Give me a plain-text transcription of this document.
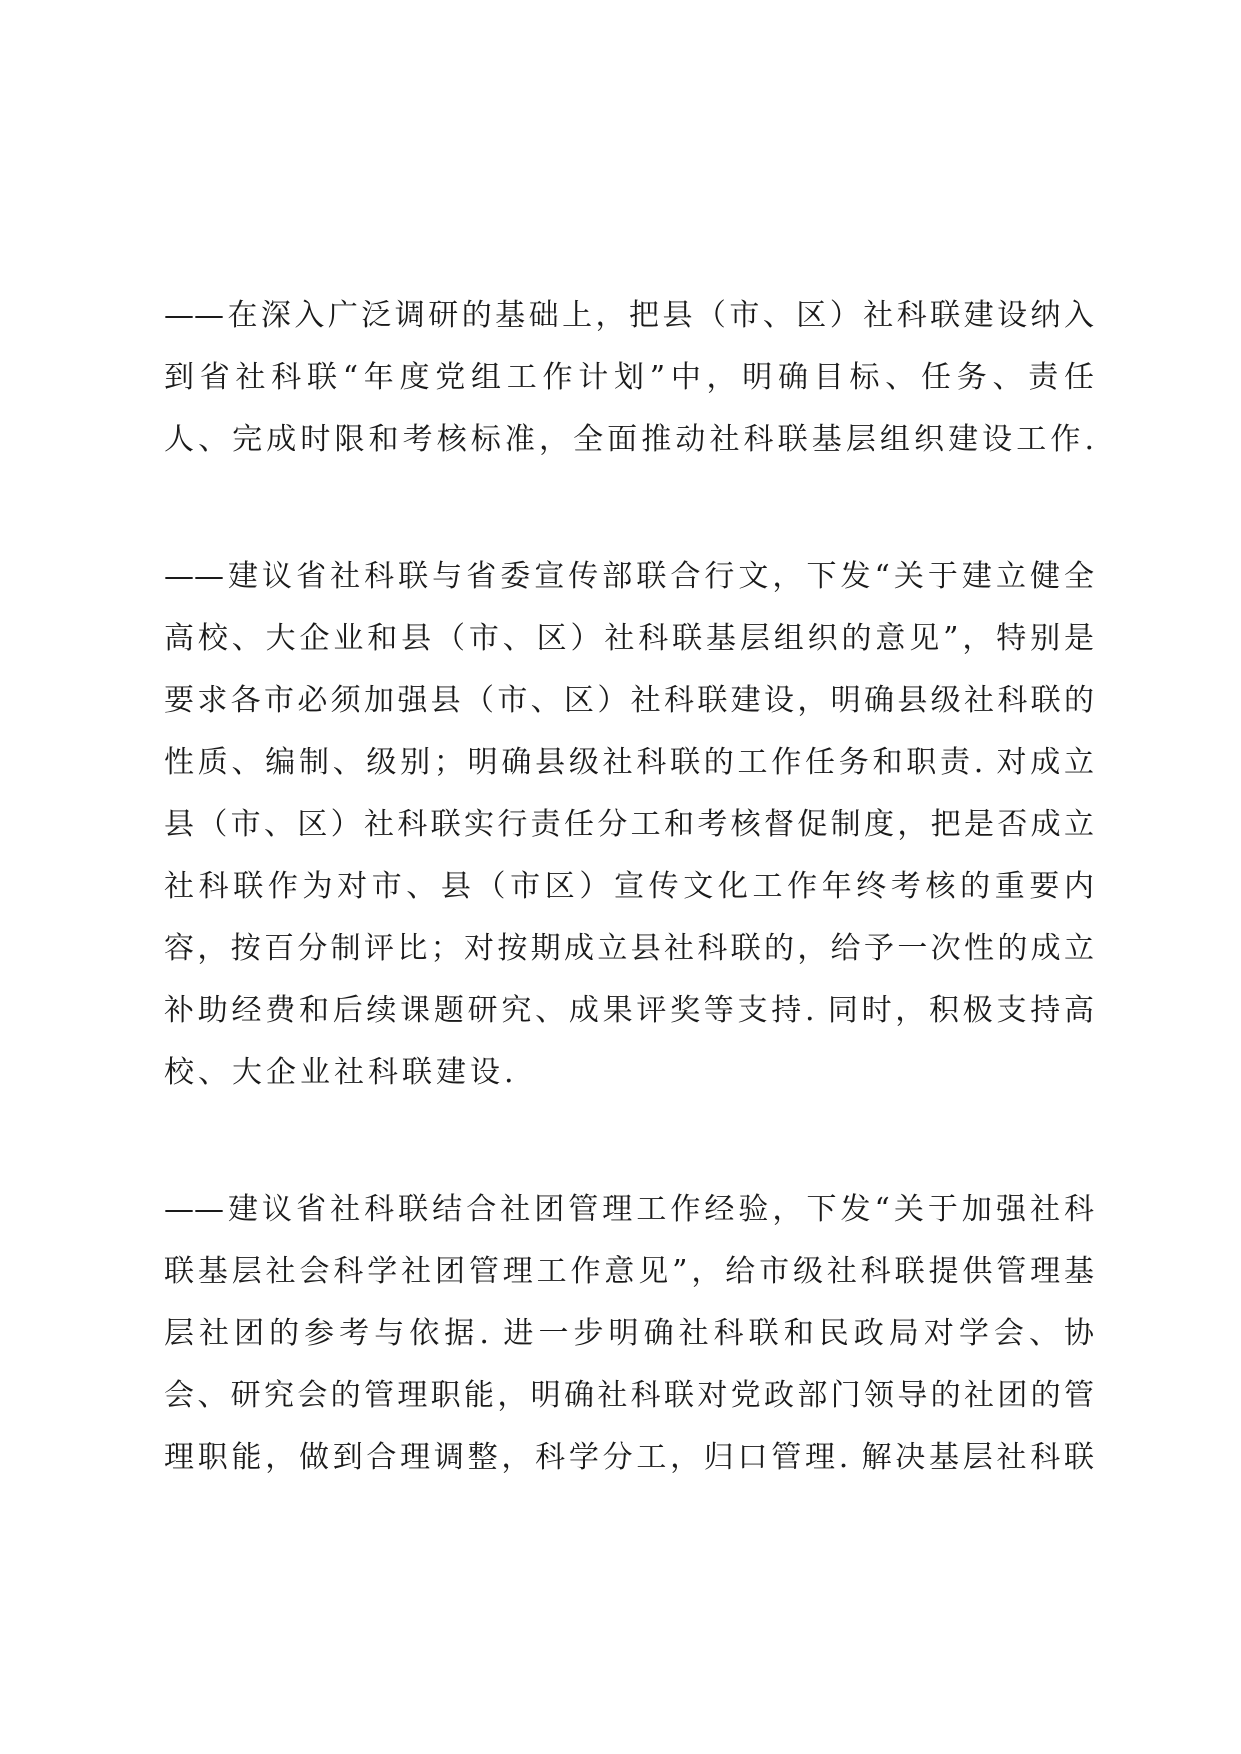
——在深入广泛调研的基础上，把县（市、区）社科联建设纳入
到省社科联“年度党组工作计划”中，明确目标、任务、责任
人、完成时限和考核标准，全面推动社科联基层组织建设工作.
——建议省社科联与省委宣传部联合行文，下发“关于建立健全
高校、大企业和县（市、区）社科联基层组织的意见”，特别是
要求各市必须加强县（市、区）社科联建设，明确县级社科联的
性质、编制、级别；明确县级社科联的工作任务和职责. 对成立
县（市、区）社科联实行责任分工和考核督促制度，把是否成立
社科联作为对市、县（市区）宣传文化工作年终考核的重要内
容，按百分制评比；对按期成立县社科联的，给予一次性的成立
补助经费和后续课题研究、成果评奖等支持. 同时，积极支持高
校、大企业社科联建设.
——建议省社科联结合社团管理工作经验，下发“关于加强社科
联基层社会科学社团管理工作意见”，给市级社科联提供管理基
层社团的参考与依据. 进一步明确社科联和民政局对学会、协
会、研究会的管理职能，明确社科联对党政部门领导的社团的管
理职能，做到合理调整，科学分工，归口管理. 解决基层社科联
